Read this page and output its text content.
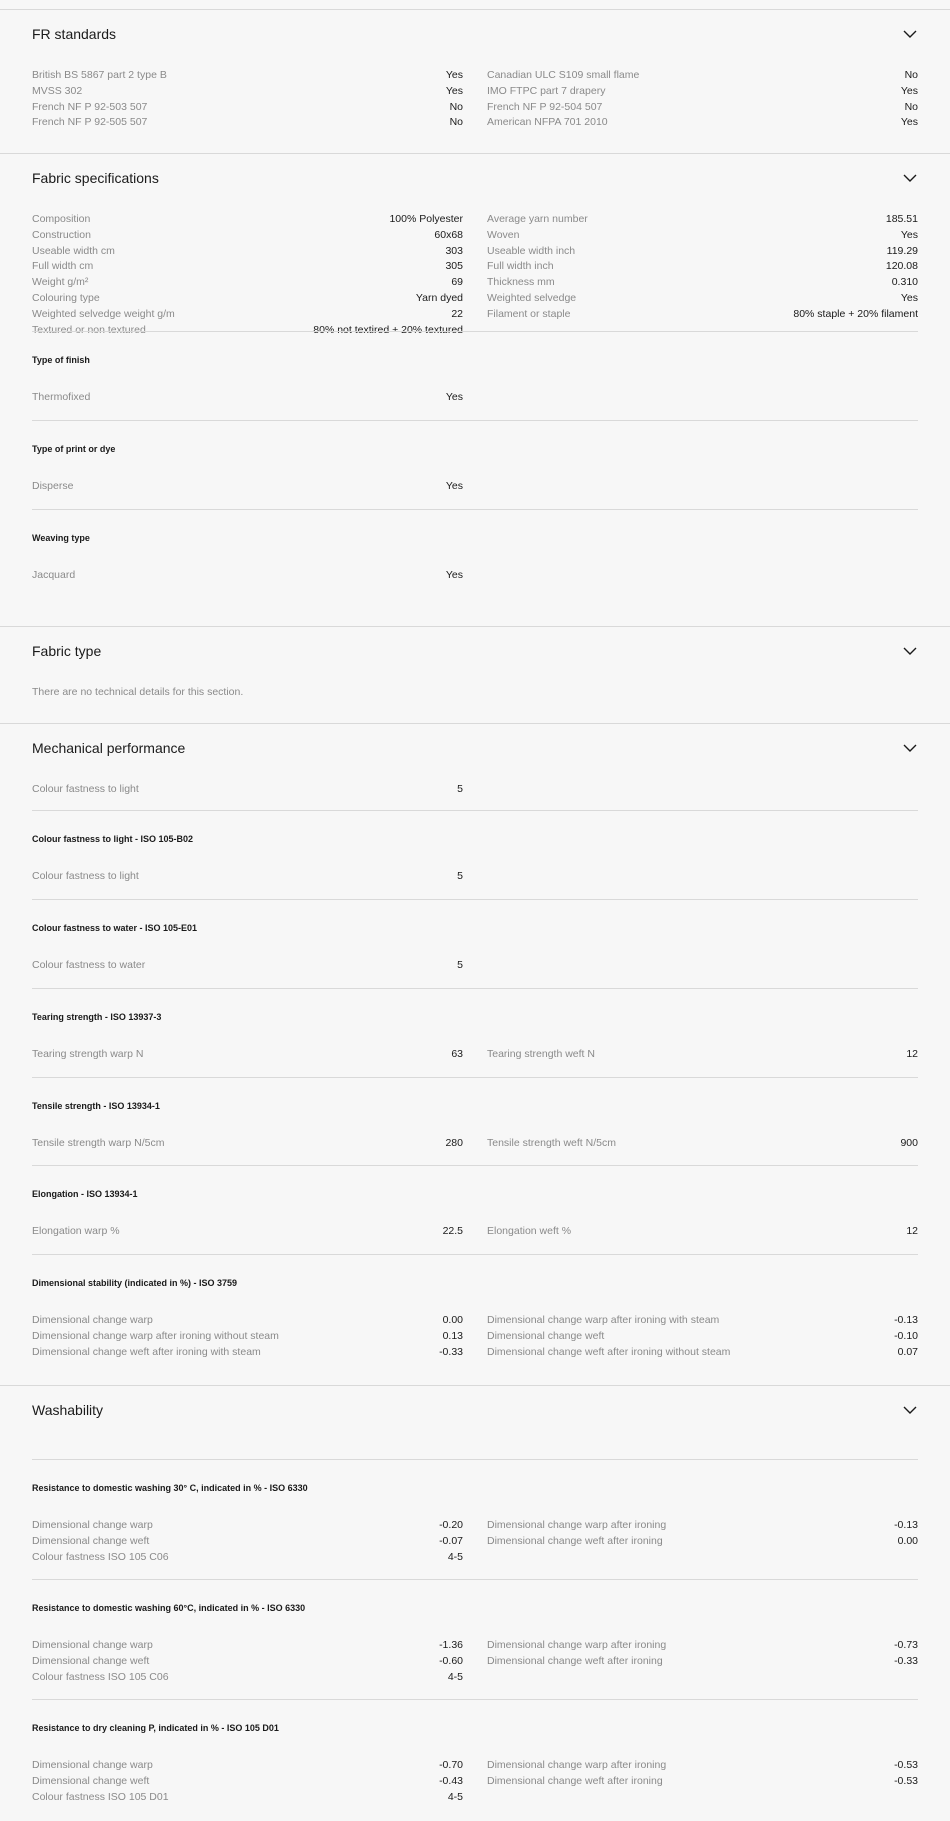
FR standards
British BS 5867 part 2 type B	Yes Canadian ULC S109 small flame	No
MVSS 302	Yes IMO FTPC part 7 drapery	Yes
French NF P 92-503 507	No French NF P 92-504 507	No
French NF P 92-505 507	No American NFPA 701 2010	Yes
Fabric specifications
Composition	100% Polyester Average yarn number	185.51
Construction	60x68 Woven	Yes
Useable width cm	303 Useable width inch	119.29
Full width cm	305 Full width inch	120.08
Weight g/m²	69 Thickness mm	0.310
Colouring type	Yarn dyed Weighted selvedge	Yes
Weighted selvedge weight g/m	22 Filament or staple	80% staple + 20% filament
Textured or non textured	80% not textired + 20% textured
Type of finish
Thermofixed	Yes
Type of print or dye
Disperse	Yes
Weaving type
Jacquard	Yes
Fabric type
There are no technical details for this section.
Mechanical performance
Colour fastness to light	5
Colour fastness to light - ISO 105-B02
Colour fastness to light	5
Colour fastness to water - ISO 105-E01
Colour fastness to water	5
Tearing strength - ISO 13937-3
Tearing strength warp N	63 Tearing strength weft N	12
Tensile strength - ISO 13934-1
Tensile strength warp N/5cm	280 Tensile strength weft N/5cm	900
Elongation - ISO 13934-1
Elongation warp %	22.5 Elongation weft %	12
Dimensional stability (indicated in %) - ISO 3759
Dimensional change warp	0.00 Dimensional change warp after ironing with steam	-0.13
Dimensional change warp after ironing without steam	0.13 Dimensional change weft	-0.10
Dimensional change weft after ironing with steam	-0.33 Dimensional change weft after ironing without steam	0.07
Washability
Resistance to domestic washing 30° C, indicated in % - ISO 6330
Dimensional change warp	-0.20 Dimensional change warp after ironing	-0.13
Dimensional change weft	-0.07 Dimensional change weft after ironing	0.00
Colour fastness ISO 105 C06	4-5
Resistance to domestic washing 60°C, indicated in % - ISO 6330
Dimensional change warp	-1.36 Dimensional change warp after ironing	-0.73
Dimensional change weft	-0.60 Dimensional change weft after ironing	-0.33
Colour fastness ISO 105 C06	4-5
Resistance to dry cleaning P, indicated in % - ISO 105 D01
Dimensional change warp	-0.70 Dimensional change warp after ironing	-0.53
Dimensional change weft	-0.43 Dimensional change weft after ironing	-0.53
Colour fastness ISO 105 D01	4-5
